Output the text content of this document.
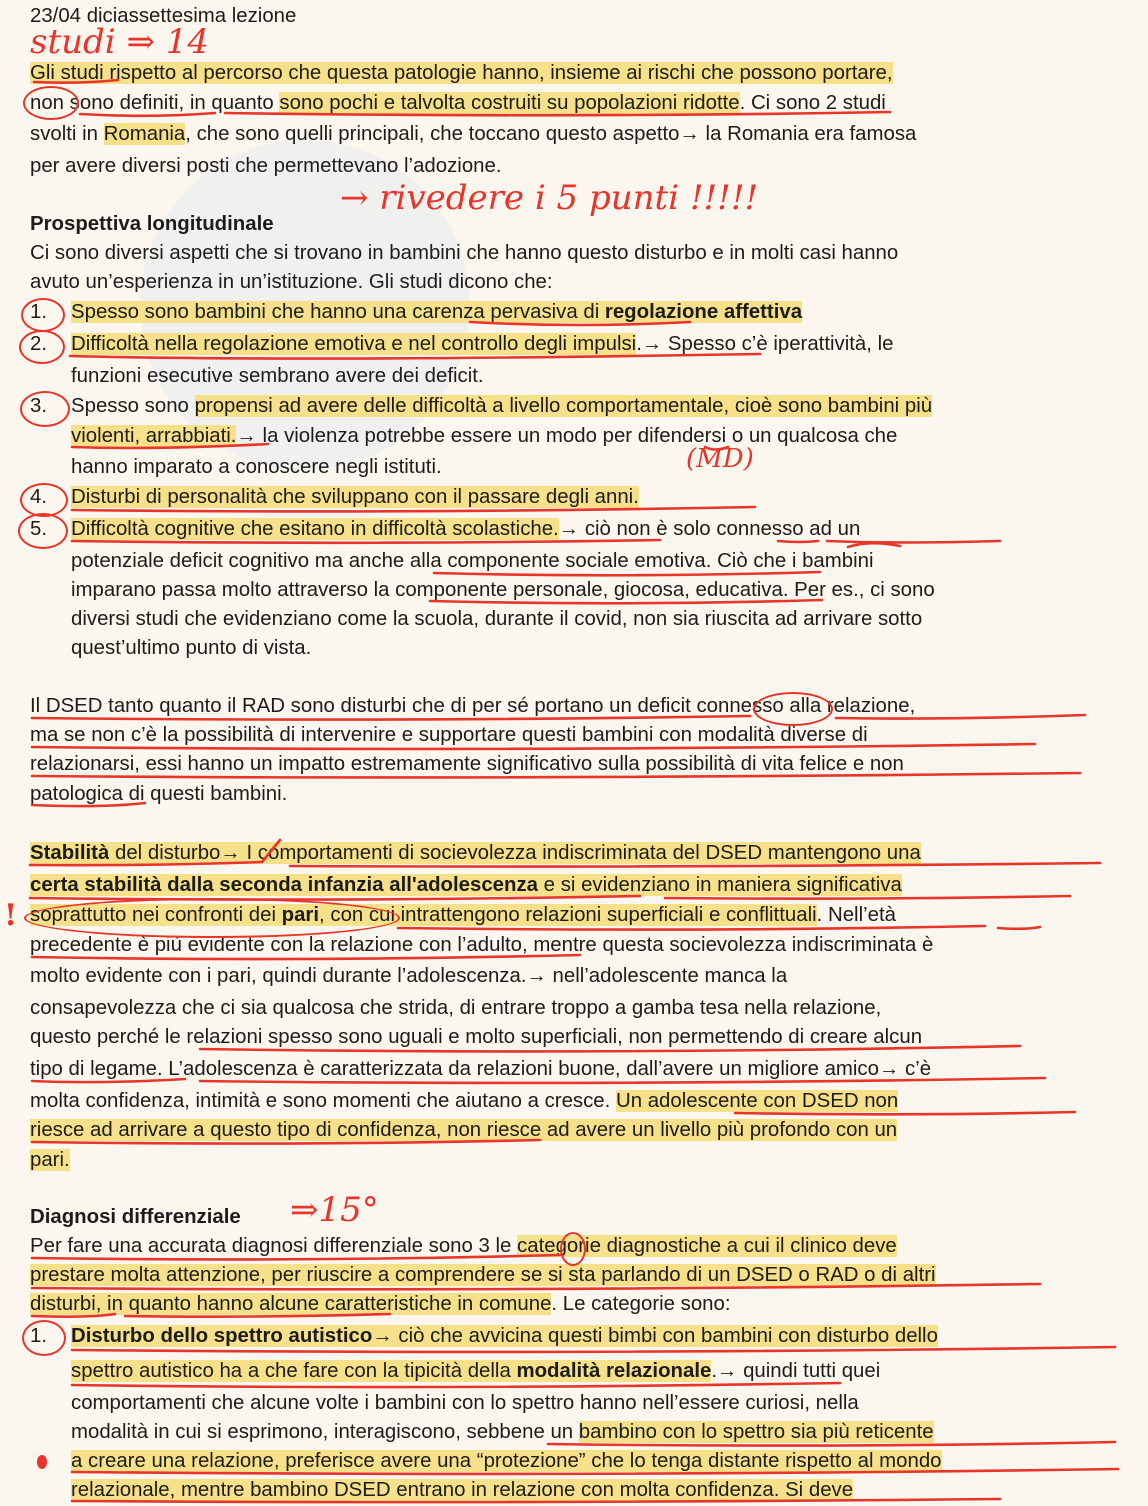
23/04 diciassettesima lezione
Gli studi rispetto al percorso che questa patologie hanno, insieme ai rischi che possono portare,
non sono definiti, in quanto sono pochi e talvolta costruiti su popolazioni ridotte. Ci sono 2 studi
svolti in Romania, che sono quelli principali, che toccano questo aspetto→ la Romania era famosa
per avere diversi posti che permettevano l’adozione.
Prospettiva longitudinale
Ci sono diversi aspetti che si trovano in bambini che hanno questo disturbo e in molti casi hanno
avuto un’esperienza in un’istituzione. Gli studi dicono che:
1. Spesso sono bambini che hanno una carenza pervasiva di regolazione affettiva
2. Difficoltà nella regolazione emotiva e nel controllo degli impulsi.→ Spesso c’è iperattività, le
funzioni esecutive sembrano avere dei deficit.
3. Spesso sono propensi ad avere delle difficoltà a livello comportamentale, cioè sono bambini più
violenti, arrabbiati.→ la violenza potrebbe essere un modo per difendersi o un qualcosa che
hanno imparato a conoscere negli istituti.
4. Disturbi di personalità che sviluppano con il passare degli anni.
5. Difficoltà cognitive che esitano in difficoltà scolastiche.→ ciò non è solo connesso ad un
potenziale deficit cognitivo ma anche alla componente sociale emotiva. Ciò che i bambini
imparano passa molto attraverso la componente personale, giocosa, educativa. Per es., ci sono
diversi studi che evidenziano come la scuola, durante il covid, non sia riuscita ad arrivare sotto
quest’ultimo punto di vista.
Il DSED tanto quanto il RAD sono disturbi che di per sé portano un deficit connesso alla relazione,
ma se non c’è la possibilità di intervenire e supportare questi bambini con modalità diverse di
relazionarsi, essi hanno un impatto estremamente significativo sulla possibilità di vita felice e non
patologica di questi bambini.
Stabilità del disturbo→ I comportamenti di socievolezza indiscriminata del DSED mantengono una
certa stabilità dalla seconda infanzia all'adolescenza e si evidenziano in maniera significativa
soprattutto nei confronti dei pari, con cui intrattengono relazioni superficiali e conflittuali. Nell’età
precedente è più evidente con la relazione con l’adulto, mentre questa socievolezza indiscriminata è
molto evidente con i pari, quindi durante l’adolescenza.→ nell’adolescente manca la
consapevolezza che ci sia qualcosa che strida, di entrare troppo a gamba tesa nella relazione,
questo perché le relazioni spesso sono uguali e molto superficiali, non permettendo di creare alcun
tipo di legame. L’adolescenza è caratterizzata da relazioni buone, dall’avere un migliore amico→ c’è
molta confidenza, intimità e sono momenti che aiutano a cresce. Un adolescente con DSED non
riesce ad arrivare a questo tipo di confidenza, non riesce ad avere un livello più profondo con un
pari.
Diagnosi differenziale
Per fare una accurata diagnosi differenziale sono 3 le categorie diagnostiche a cui il clinico deve
prestare molta attenzione, per riuscire a comprendere se si sta parlando di un DSED o RAD o di altri
disturbi, in quanto hanno alcune caratteristiche in comune. Le categorie sono:
1. Disturbo dello spettro autistico→ ciò che avvicina questi bimbi con bambini con disturbo dello
spettro autistico ha a che fare con la tipicità della modalità relazionale.→ quindi tutti quei
comportamenti che alcune volte i bambini con lo spettro hanno nell’essere curiosi, nella
modalità in cui si esprimono, interagiscono, sebbene un bambino con lo spettro sia più reticente
a creare una relazione, preferisce avere una “protezione” che lo tenga distante rispetto al mondo
relazionale, mentre bambino DSED entrano in relazione con molta confidenza. Si deve
studi ⇒ 14
→ rivedere i 5 punti !!!!!
(MD)
⇒15°
!
